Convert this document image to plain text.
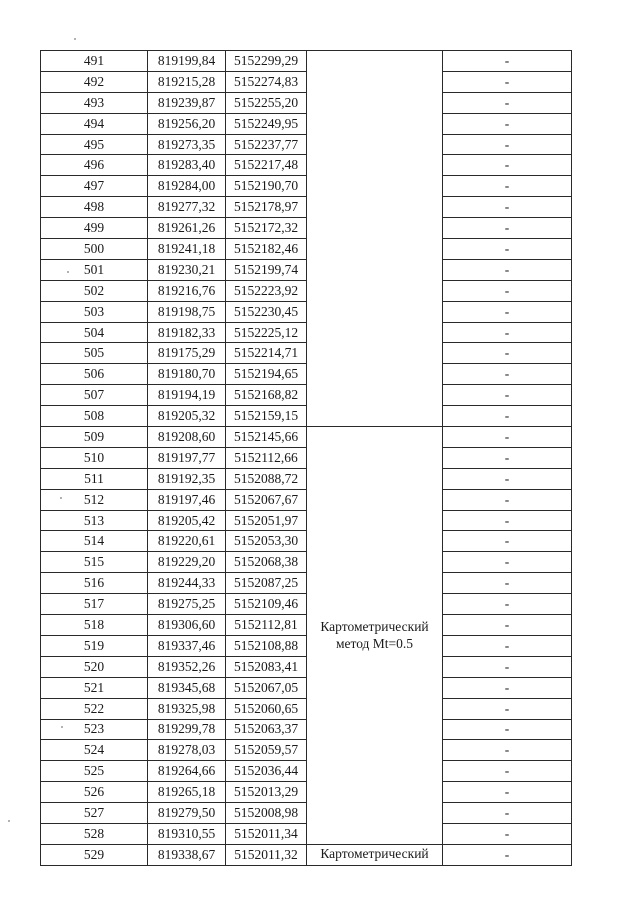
491	819199,84	5152299,29		-
492	819215,28	5152274,83		-
493	819239,87	5152255,20		-
494	819256,20	5152249,95		-
495	819273,35	5152237,77		-
496	819283,40	5152217,48		-
497	819284,00	5152190,70		-
498	819277,32	5152178,97		-
499	819261,26	5152172,32		-
500	819241,18	5152182,46		-
501	819230,21	5152199,74		-
502	819216,76	5152223,92		-
503	819198,75	5152230,45		-
504	819182,33	5152225,12		-
505	819175,29	5152214,71		-
506	819180,70	5152194,65		-
507	819194,19	5152168,82		-
508	819205,32	5152159,15		-
509	819208,60	5152145,66	Картометрический
метод Mt=0.5	-
510	819197,77	5152112,66		-
511	819192,35	5152088,72		-
512	819197,46	5152067,67		-
513	819205,42	5152051,97		-
514	819220,61	5152053,30		-
515	819229,20	5152068,38		-
516	819244,33	5152087,25		-
517	819275,25	5152109,46		-
518	819306,60	5152112,81		-
519	819337,46	5152108,88		-
520	819352,26	5152083,41		-
521	819345,68	5152067,05		-
522	819325,98	5152060,65		-
523	819299,78	5152063,37		-
524	819278,03	5152059,57		-
525	819264,66	5152036,44		-
526	819265,18	5152013,29		-
527	819279,50	5152008,98		-
528	819310,55	5152011,34		-
529	819338,67	5152011,32	Картометрический	-
